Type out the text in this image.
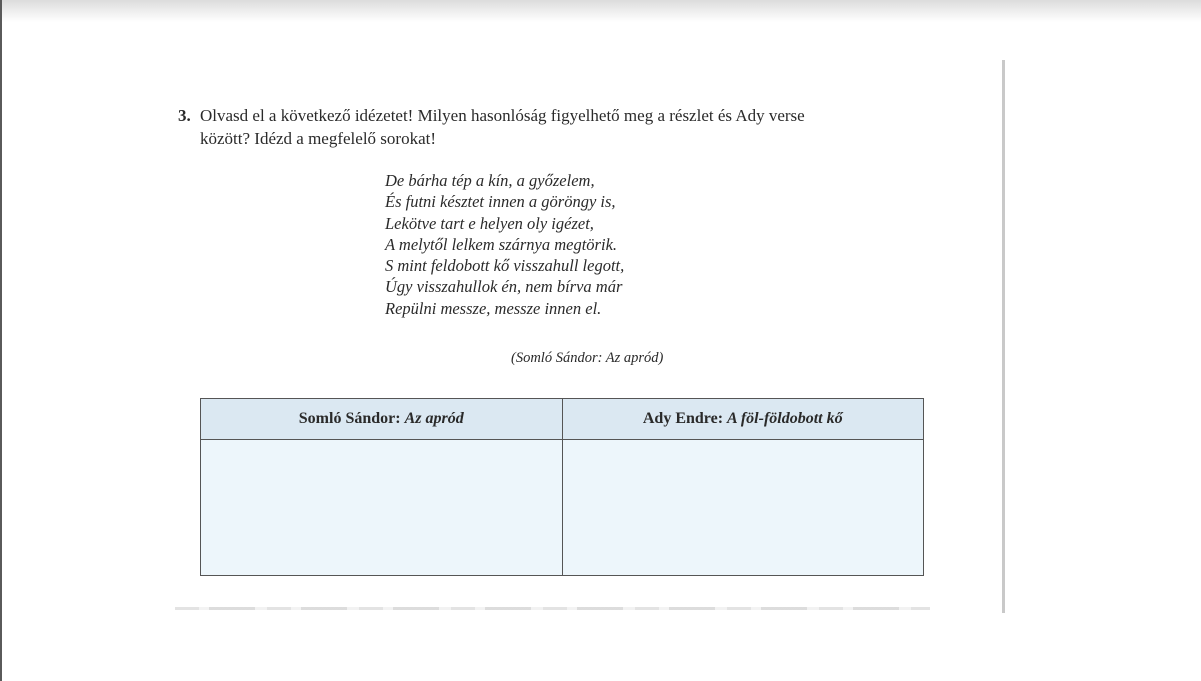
3. Olvasd el a következő idézetet! Milyen hasonlóság figyelhető meg a részlet és Ady verse
között? Idézd a megfelelő sorokat!
De bárha tép a kín, a győzelem,
És futni késztet innen a göröngy is,
Lekötve tart e helyen oly igézet,
A melytől lelkem szárnya megtörik.
S mint feldobott kő visszahull legott,
Úgy visszahullok én, nem bírva már
Repülni messze, messze innen el.
(Somló Sándor: Az apród)
Somló Sándor: Az apród	Ady Endre: A föl-földobott kő
